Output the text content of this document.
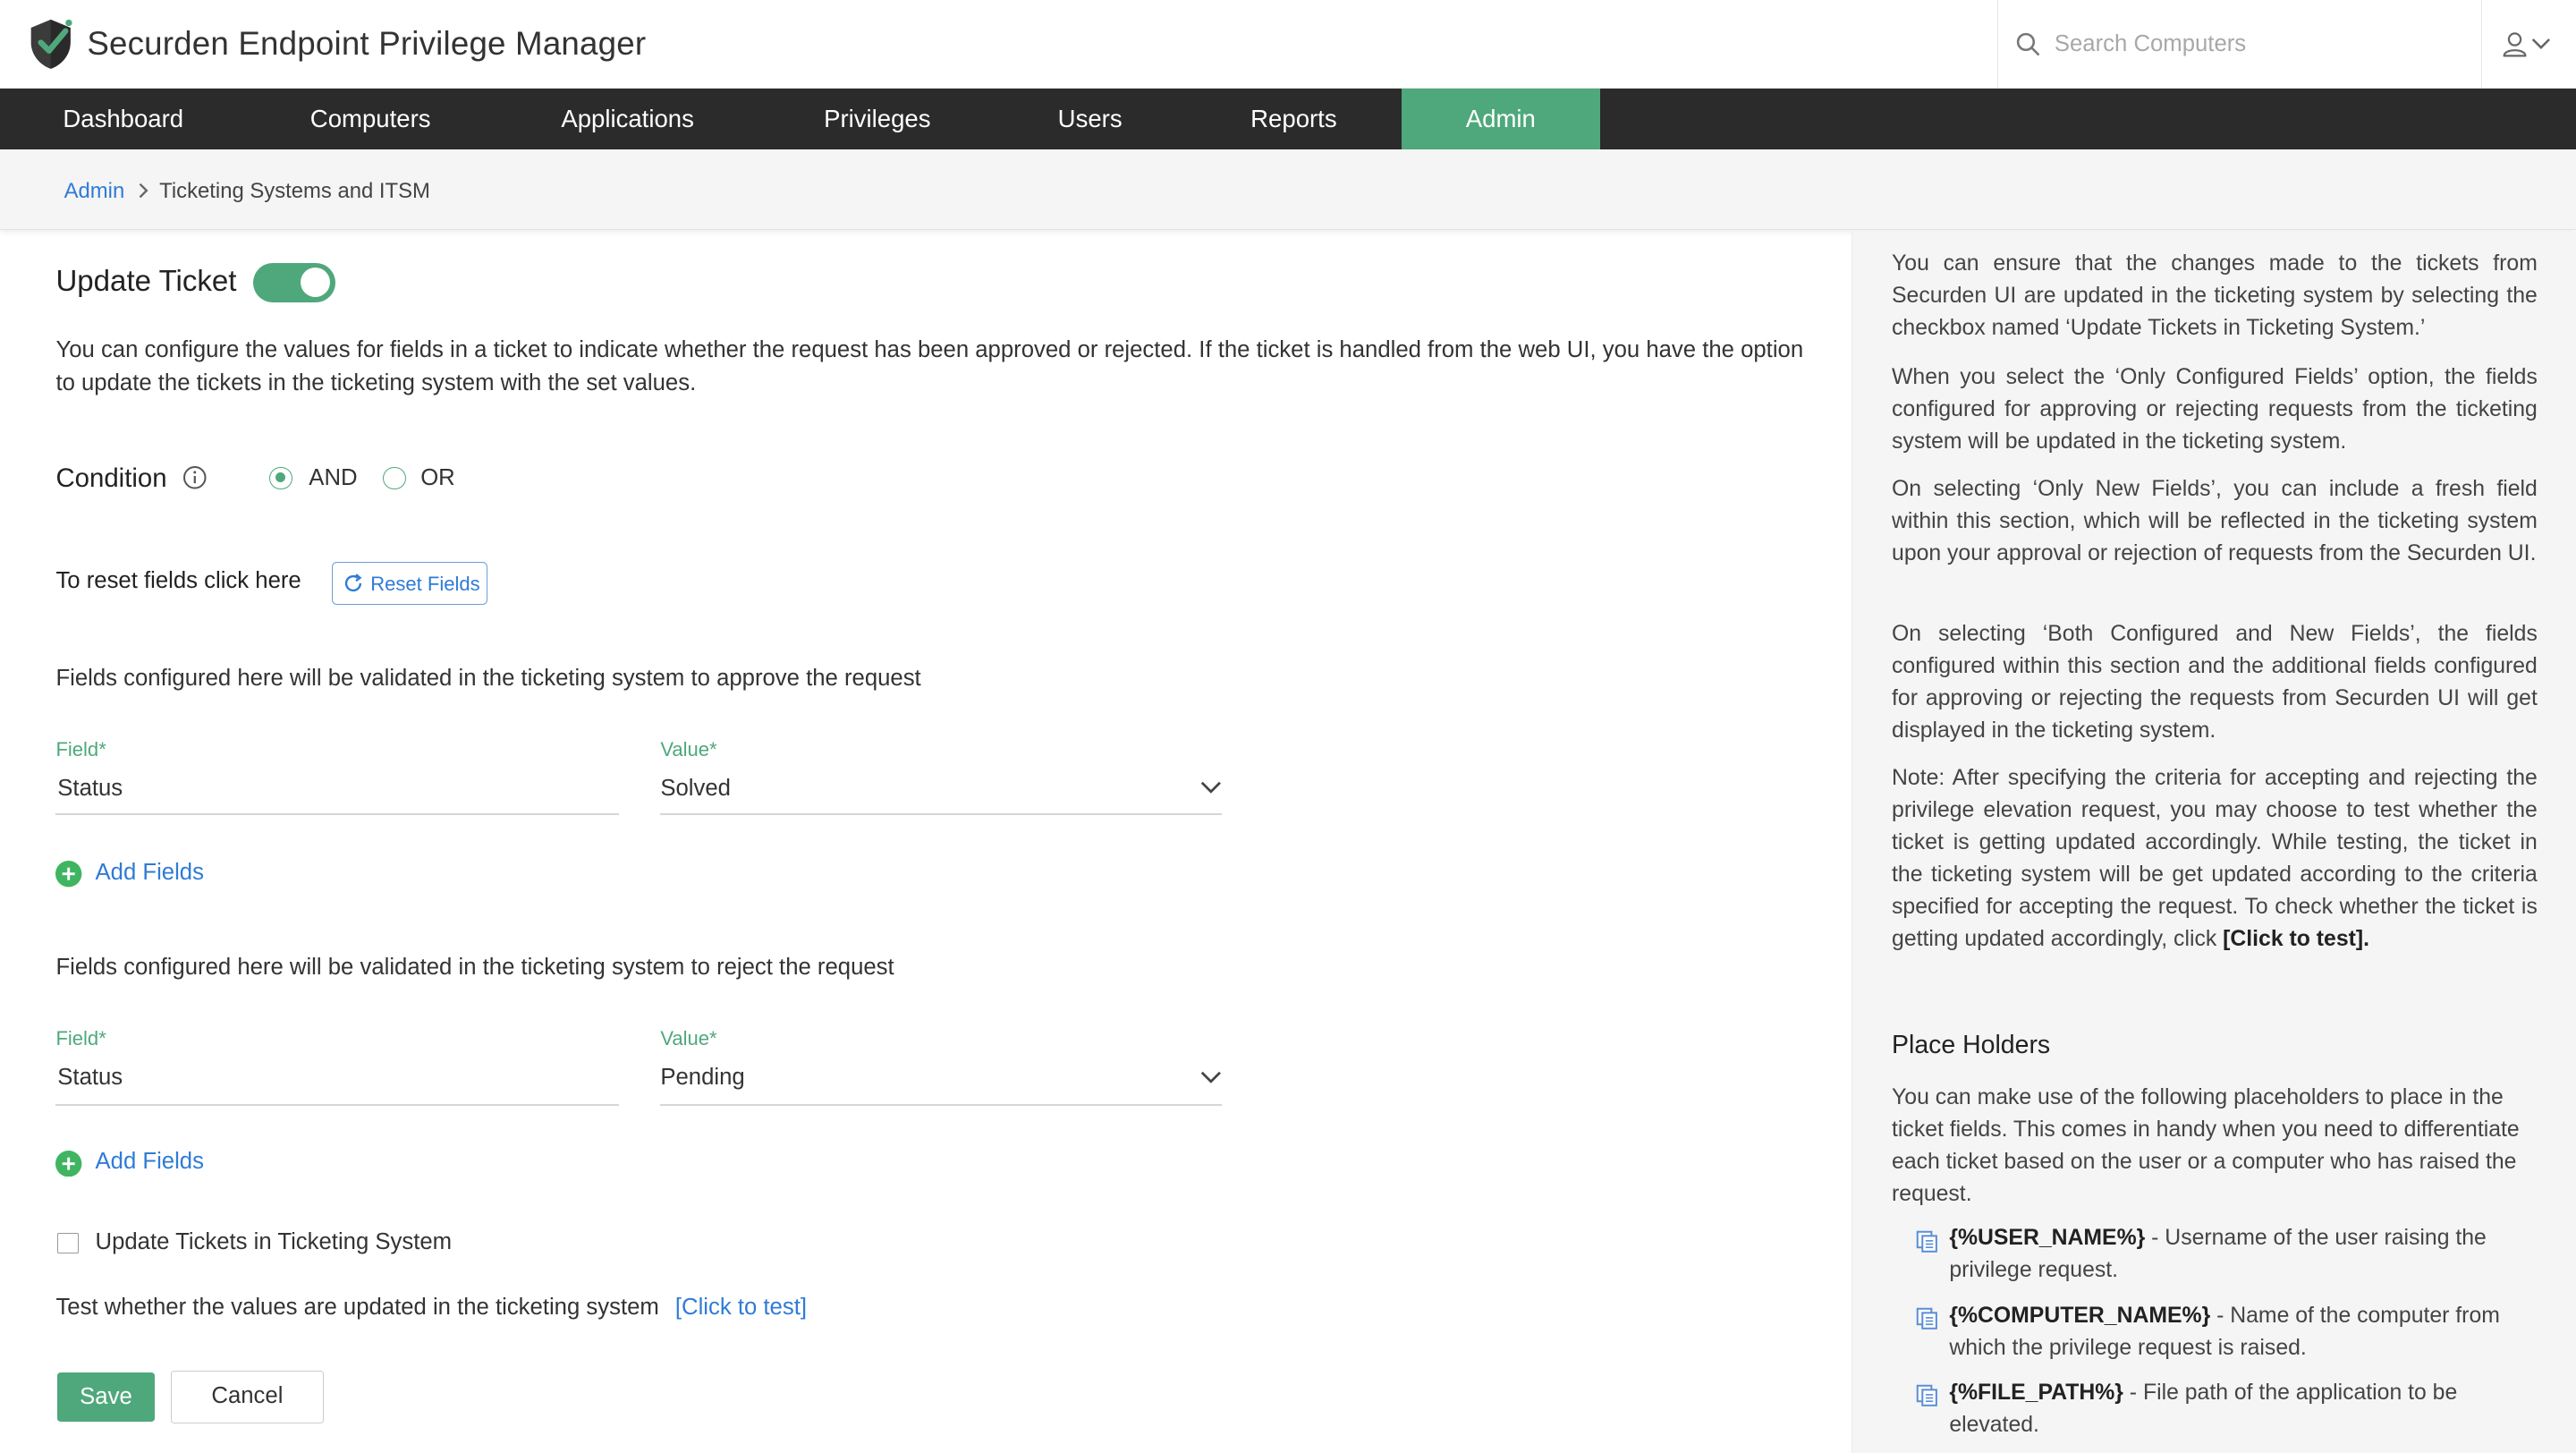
Securden Endpoint Privilege Manager
Search Computers
Dashboard	Computers	Applications	Privileges	Users	Reports	Admin
Admin	Ticketing Systems and ITSM
Update Ticket
You can configure the values for fields in a ticket to indicate whether the request has been approved or rejected. If the ticket is handled from the web UI, you have the option to update the tickets in the ticketing system with the set values.
Condition	AND	OR
To reset fields click here	Reset Fields
Fields configured here will be validated in the ticketing system to approve the request
Field*
Status
Value*
Solved
Add Fields
Fields configured here will be validated in the ticketing system to reject the request
Field*
Status
Value*
Pending
Add Fields
Update Tickets in Ticketing System
Test whether the values are updated in the ticketing system [Click to test]
Save	Cancel

You can ensure that the changes made to the tickets from Securden UI are updated in the ticketing system by selecting the checkbox named ‘Update Tickets in Ticketing System.’

When you select the ‘Only Configured Fields’ option, the fields configured for approving or rejecting requests from the ticketing system will be updated in the ticketing system.

On selecting ‘Only New Fields’, you can include a fresh field within this section, which will be reflected in the ticketing system upon your approval or rejection of requests from the Securden UI.

On selecting ‘Both Configured and New Fields’, the fields configured within this section and the additional fields configured for approving or rejecting the requests from Securden UI will get displayed in the ticketing system.

Note: After specifying the criteria for accepting and rejecting the privilege elevation request, you may choose to test whether the ticket is getting updated accordingly. While testing, the ticket in the ticketing system will be get updated according to the criteria specified for accepting the request. To check whether the ticket is getting updated accordingly, click [Click to test].

Place Holders

You can make use of the following placeholders to place in the ticket fields. This comes in handy when you need to differentiate each ticket based on the user or a computer who has raised the request.

{%USER_NAME%} - Username of the user raising the privilege request.

{%COMPUTER_NAME%} - Name of the computer from which the privilege request is raised.

{%FILE_PATH%} - File path of the application to be elevated.
